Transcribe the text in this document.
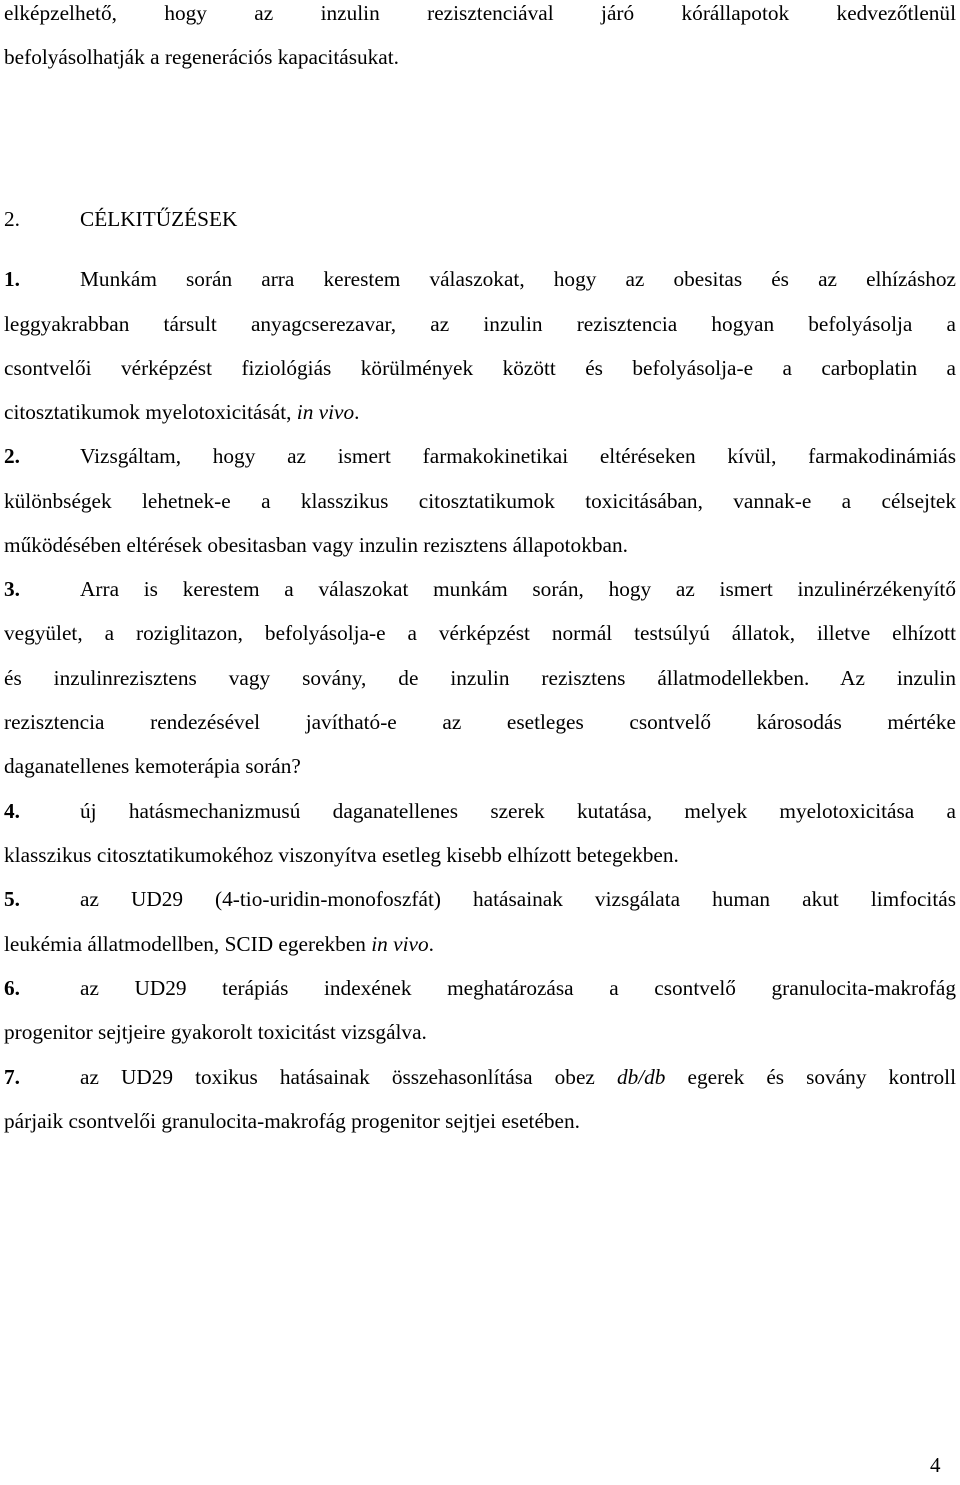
elképzelhető, hogy az inzulin rezisztenciával járó kórállapotok kedvezőtlenül
befolyásolhatják a regenerációs kapacitásukat.
2.	CÉLKITŰZÉSEK
1.	Munkám során arra kerestem válaszokat, hogy az obesitas és az elhízáshoz
leggyakrabban társult anyagcserezavar, az inzulin rezisztencia hogyan befolyásolja a
csontvelői vérképzést fiziológiás körülmények között és befolyásolja-e a carboplatin a
citosztatikumok myelotoxicitását, in vivo.
2.	Vizsgáltam, hogy az ismert farmakokinetikai eltéréseken kívül, farmakodinámiás
különbségek lehetnek-e a klasszikus citosztatikumok toxicitásában, vannak-e a célsejtek
működésében eltérések obesitasban vagy inzulin rezisztens állapotokban.
3.	Arra is kerestem a válaszokat munkám során, hogy az ismert inzulinérzékenyítő
vegyület, a roziglitazon, befolyásolja-e a vérképzést normál testsúlyú állatok, illetve elhízott
és inzulinrezisztens vagy sovány, de inzulin rezisztens állatmodellekben. Az inzulin
rezisztencia rendezésével javítható-e az esetleges csontvelő károsodás mértéke
daganatellenes kemoterápia során?
4.	új hatásmechanizmusú daganatellenes szerek kutatása, melyek myelotoxicitása a
klasszikus citosztatikumokéhoz viszonyítva esetleg kisebb elhízott betegekben.
5.	az UD29 (4-tio-uridin-monofoszfát) hatásainak vizsgálata human akut limfocitás
leukémia állatmodellben, SCID egerekben in vivo.
6.	az UD29 terápiás indexének meghatározása a csontvelő granulocita-makrofág
progenitor sejtjeire gyakorolt toxicitást vizsgálva.
7.	az UD29 toxikus hatásainak összehasonlítása obez db/db egerek és sovány kontroll
párjaik csontvelői granulocita-makrofág progenitor sejtjei esetében.
4
